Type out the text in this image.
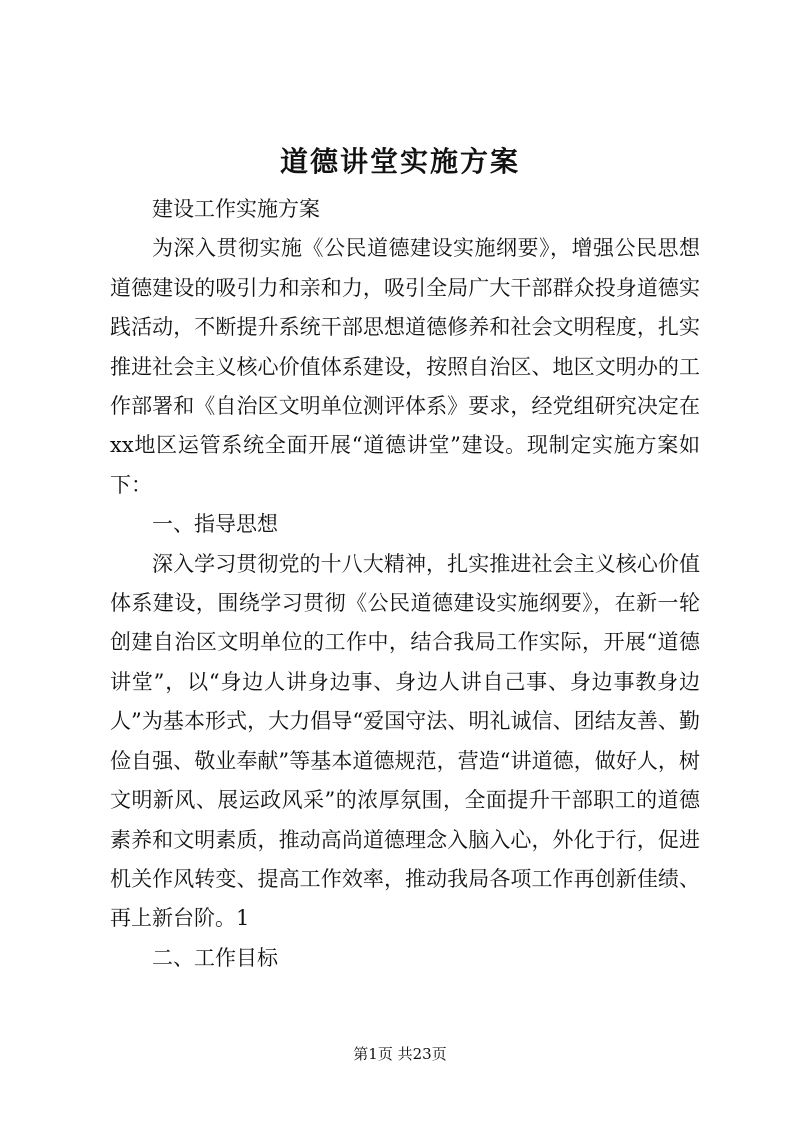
道德讲堂实施方案

建设工作实施方案

为深入贯彻实施《公民道德建设实施纲要》，增强公民思想道德建设的吸引力和亲和力，吸引全局广大干部群众投身道德实践活动，不断提升系统干部思想道德修养和社会文明程度，扎实推进社会主义核心价值体系建设，按照自治区、地区文明办的工作部署和《自治区文明单位测评体系》要求，经党组研究决定在xx地区运管系统全面开展“道德讲堂”建设。现制定实施方案如下：

一、指导思想

深入学习贯彻党的十八大精神，扎实推进社会主义核心价值体系建设，围绕学习贯彻《公民道德建设实施纲要》，在新一轮创建自治区文明单位的工作中，结合我局工作实际，开展“道德讲堂”，以“身边人讲身边事、身边人讲自己事、身边事教身边人”为基本形式，大力倡导“爱国守法、明礼诚信、团结友善、勤俭自强、敬业奉献”等基本道德规范，营造“讲道德，做好人，树文明新风、展运政风采”的浓厚氛围，全面提升干部职工的道德素养和文明素质，推动高尚道德理念入脑入心，外化于行，促进机关作风转变、提高工作效率，推动我局各项工作再创新佳绩、再上新台阶。1

二、工作目标

第1页 共23页
